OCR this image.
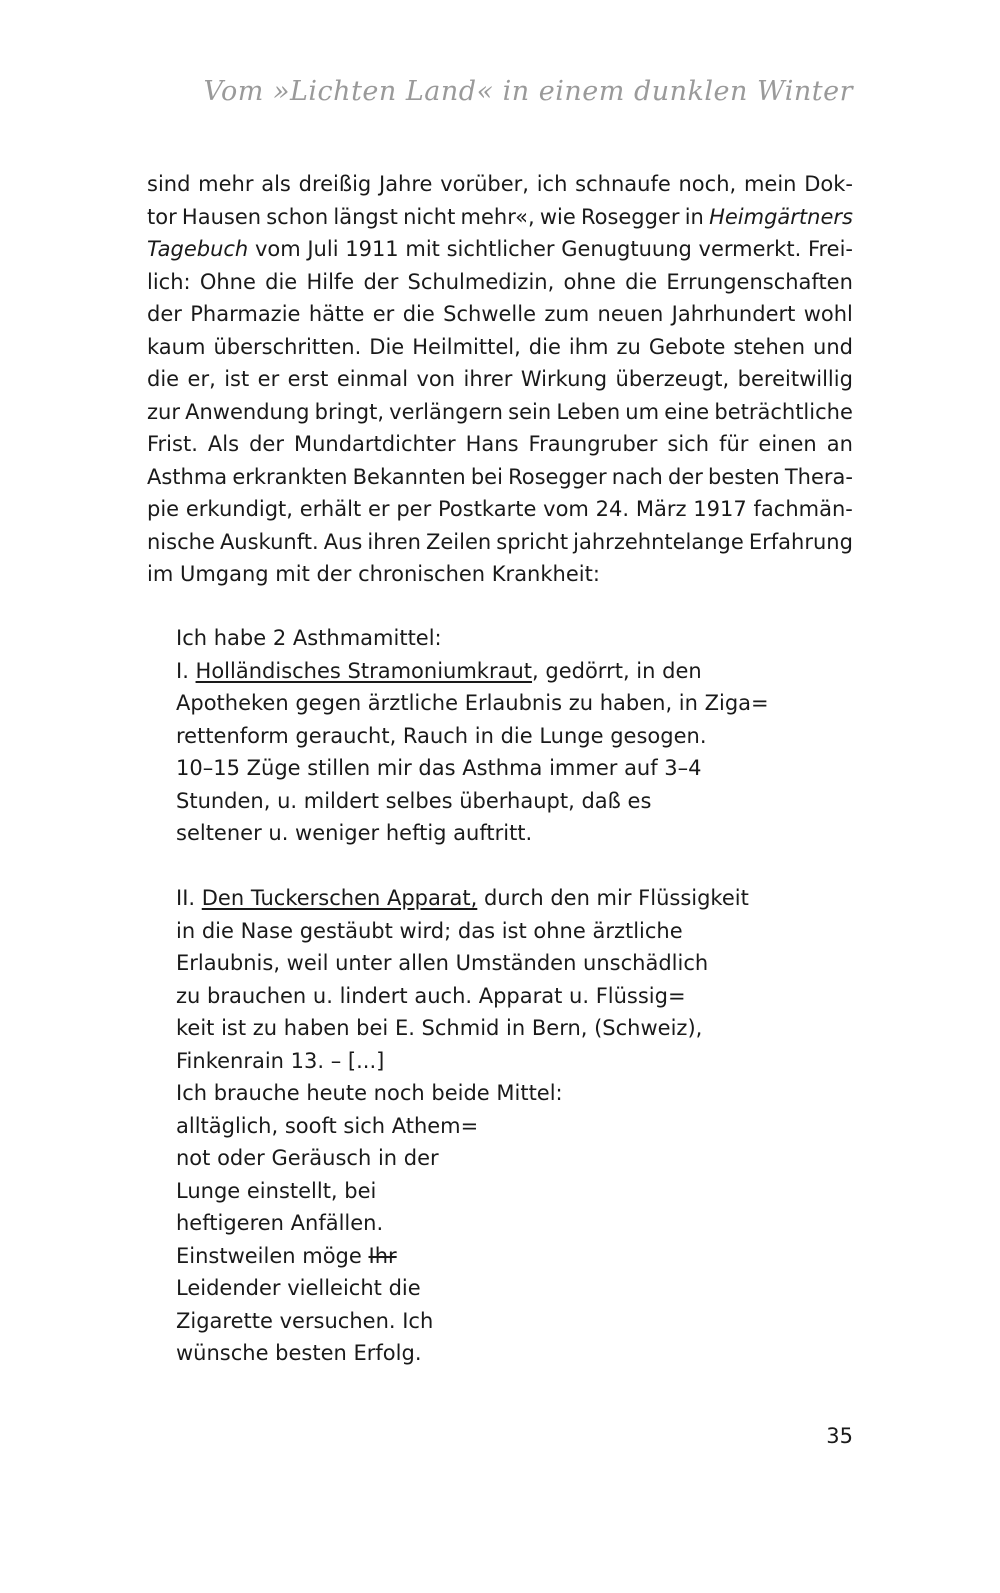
Vom »Lichten Land« in einem dunklen Winter
sind mehr als dreißig Jahre vorüber, ich schnaufe noch, mein Dok-
tor Hausen schon längst nicht mehr«, wie Rosegger in Heimgärtners
Tagebuch vom Juli 1911 mit sichtlicher Genugtuung vermerkt. Frei-
lich: Ohne die Hilfe der Schulmedizin, ohne die Errungenschaften
der Pharmazie hätte er die Schwelle zum neuen Jahrhundert wohl
kaum überschritten. Die Heilmittel, die ihm zu Gebote stehen und
die er, ist er erst einmal von ihrer Wirkung überzeugt, bereitwillig
zur Anwendung bringt, verlängern sein Leben um eine beträchtliche
Frist. Als der Mundartdichter Hans Fraungruber sich für einen an
Asthma erkrankten Bekannten bei Rosegger nach der besten Thera-
pie erkundigt, erhält er per Postkarte vom 24. März 1917 fachmän-
nische Auskunft. Aus ihren Zeilen spricht jahrzehntelange Erfahrung
im Umgang mit der chronischen Krankheit:
Ich habe 2 Asthmamittel:
I. Holländisches Stramoniumkraut, gedörrt, in den
Apotheken gegen ärztliche Erlaubnis zu haben, in Ziga=
rettenform geraucht, Rauch in die Lunge gesogen.
10–15 Züge stillen mir das Asthma immer auf 3–4
Stunden, u. mildert selbes überhaupt, daß es
seltener u. weniger heftig auftritt.
II. Den Tuckerschen Apparat, durch den mir Flüssigkeit
in die Nase gestäubt wird; das ist ohne ärztliche
Erlaubnis, weil unter allen Umständen unschädlich
zu brauchen u. lindert auch. Apparat u. Flüssig=
keit ist zu haben bei E. Schmid in Bern, (Schweiz),
Finkenrain 13. – [...]
Ich brauche heute noch beide Mittel:
alltäglich, sooft sich Athem=
not oder Geräusch in der
Lunge einstellt, bei
heftigeren Anfällen.
Einstweilen möge Ihr
Leidender vielleicht die
Zigarette versuchen. Ich
wünsche besten Erfolg.
35
